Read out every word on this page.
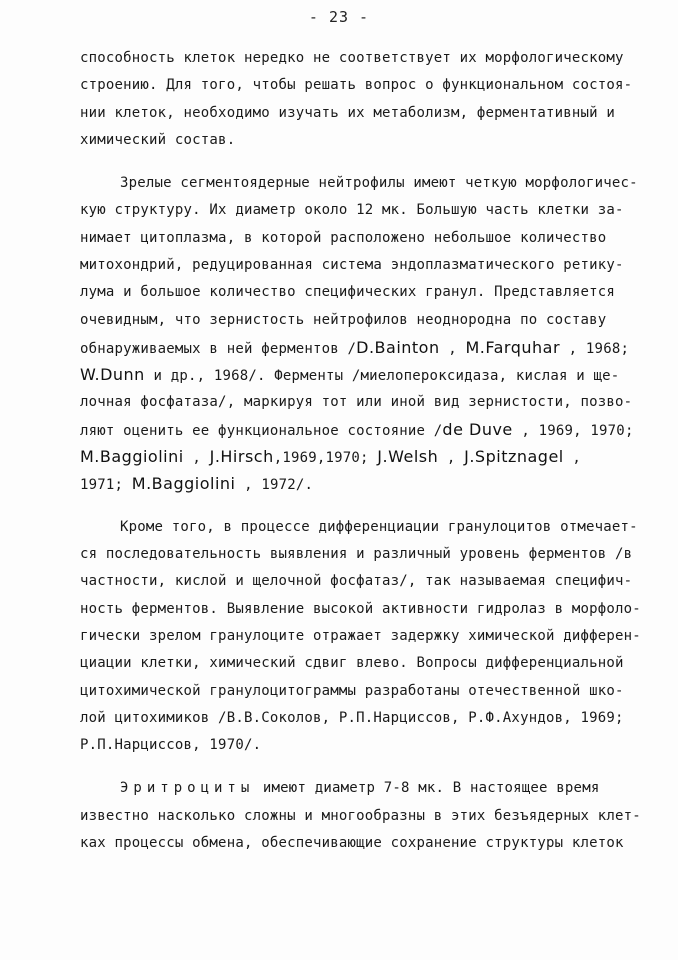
- 23 -
способность клеток нередко не соответствует их морфологическому
строению. Для того, чтобы решать вопрос о функциональном состоя-
нии клеток, необходимо изучать их метаболизм, ферментативный и
химический состав.
Зрелые сегментоядерные нейтрофилы имеют четкую морфологичес-
кую структуру. Их диаметр около 12 мк. Большую часть клетки за-
нимает цитоплазма, в которой расположено небольшое количество
митохондрий, редуцированная система эндоплазматического ретику-
лума и большое количество специфических гранул. Представляется
очевидным, что зернистость нейтрофилов неоднородна по составу
обнаруживаемых в ней ферментов /D.Bainton , M.Farquhar , 1968;
W.Dunn и др., 1968/. Ферменты /миелопероксидаза, кислая и ще-
лочная фосфатаза/, маркируя тот или иной вид зернистости, позво-
ляют оценить ее функциональное состояние /de Duve , 1969, 1970;
M.Baggiolini , J.Hirsch,1969,1970; J.Welsh , J.Spitznagel ,
1971; M.Baggiolini , 1972/.
Кроме того, в процессе дифференциации гранулоцитов отмечает-
ся последовательность выявления и различный уровень ферментов /в
частности, кислой и щелочной фосфатаз/, так называемая специфич-
ность ферментов. Выявление высокой активности гидролаз в морфоло-
гически зрелом гранулоците отражает задержку химической дифферен-
циации клетки, химический сдвиг влево. Вопросы дифференциальной
цитохимической гранулоцитограммы разработаны отечественной шко-
лой цитохимиков /В.В.Соколов, Р.П.Нарциссов, Р.Ф.Ахундов, 1969;
Р.П.Нарциссов, 1970/.
Эритроциты имеют диаметр 7-8 мк. В настоящее время
известно насколько сложны и многообразны в этих безъядерных клет-
ках процессы обмена, обеспечивающие сохранение структуры клеток
